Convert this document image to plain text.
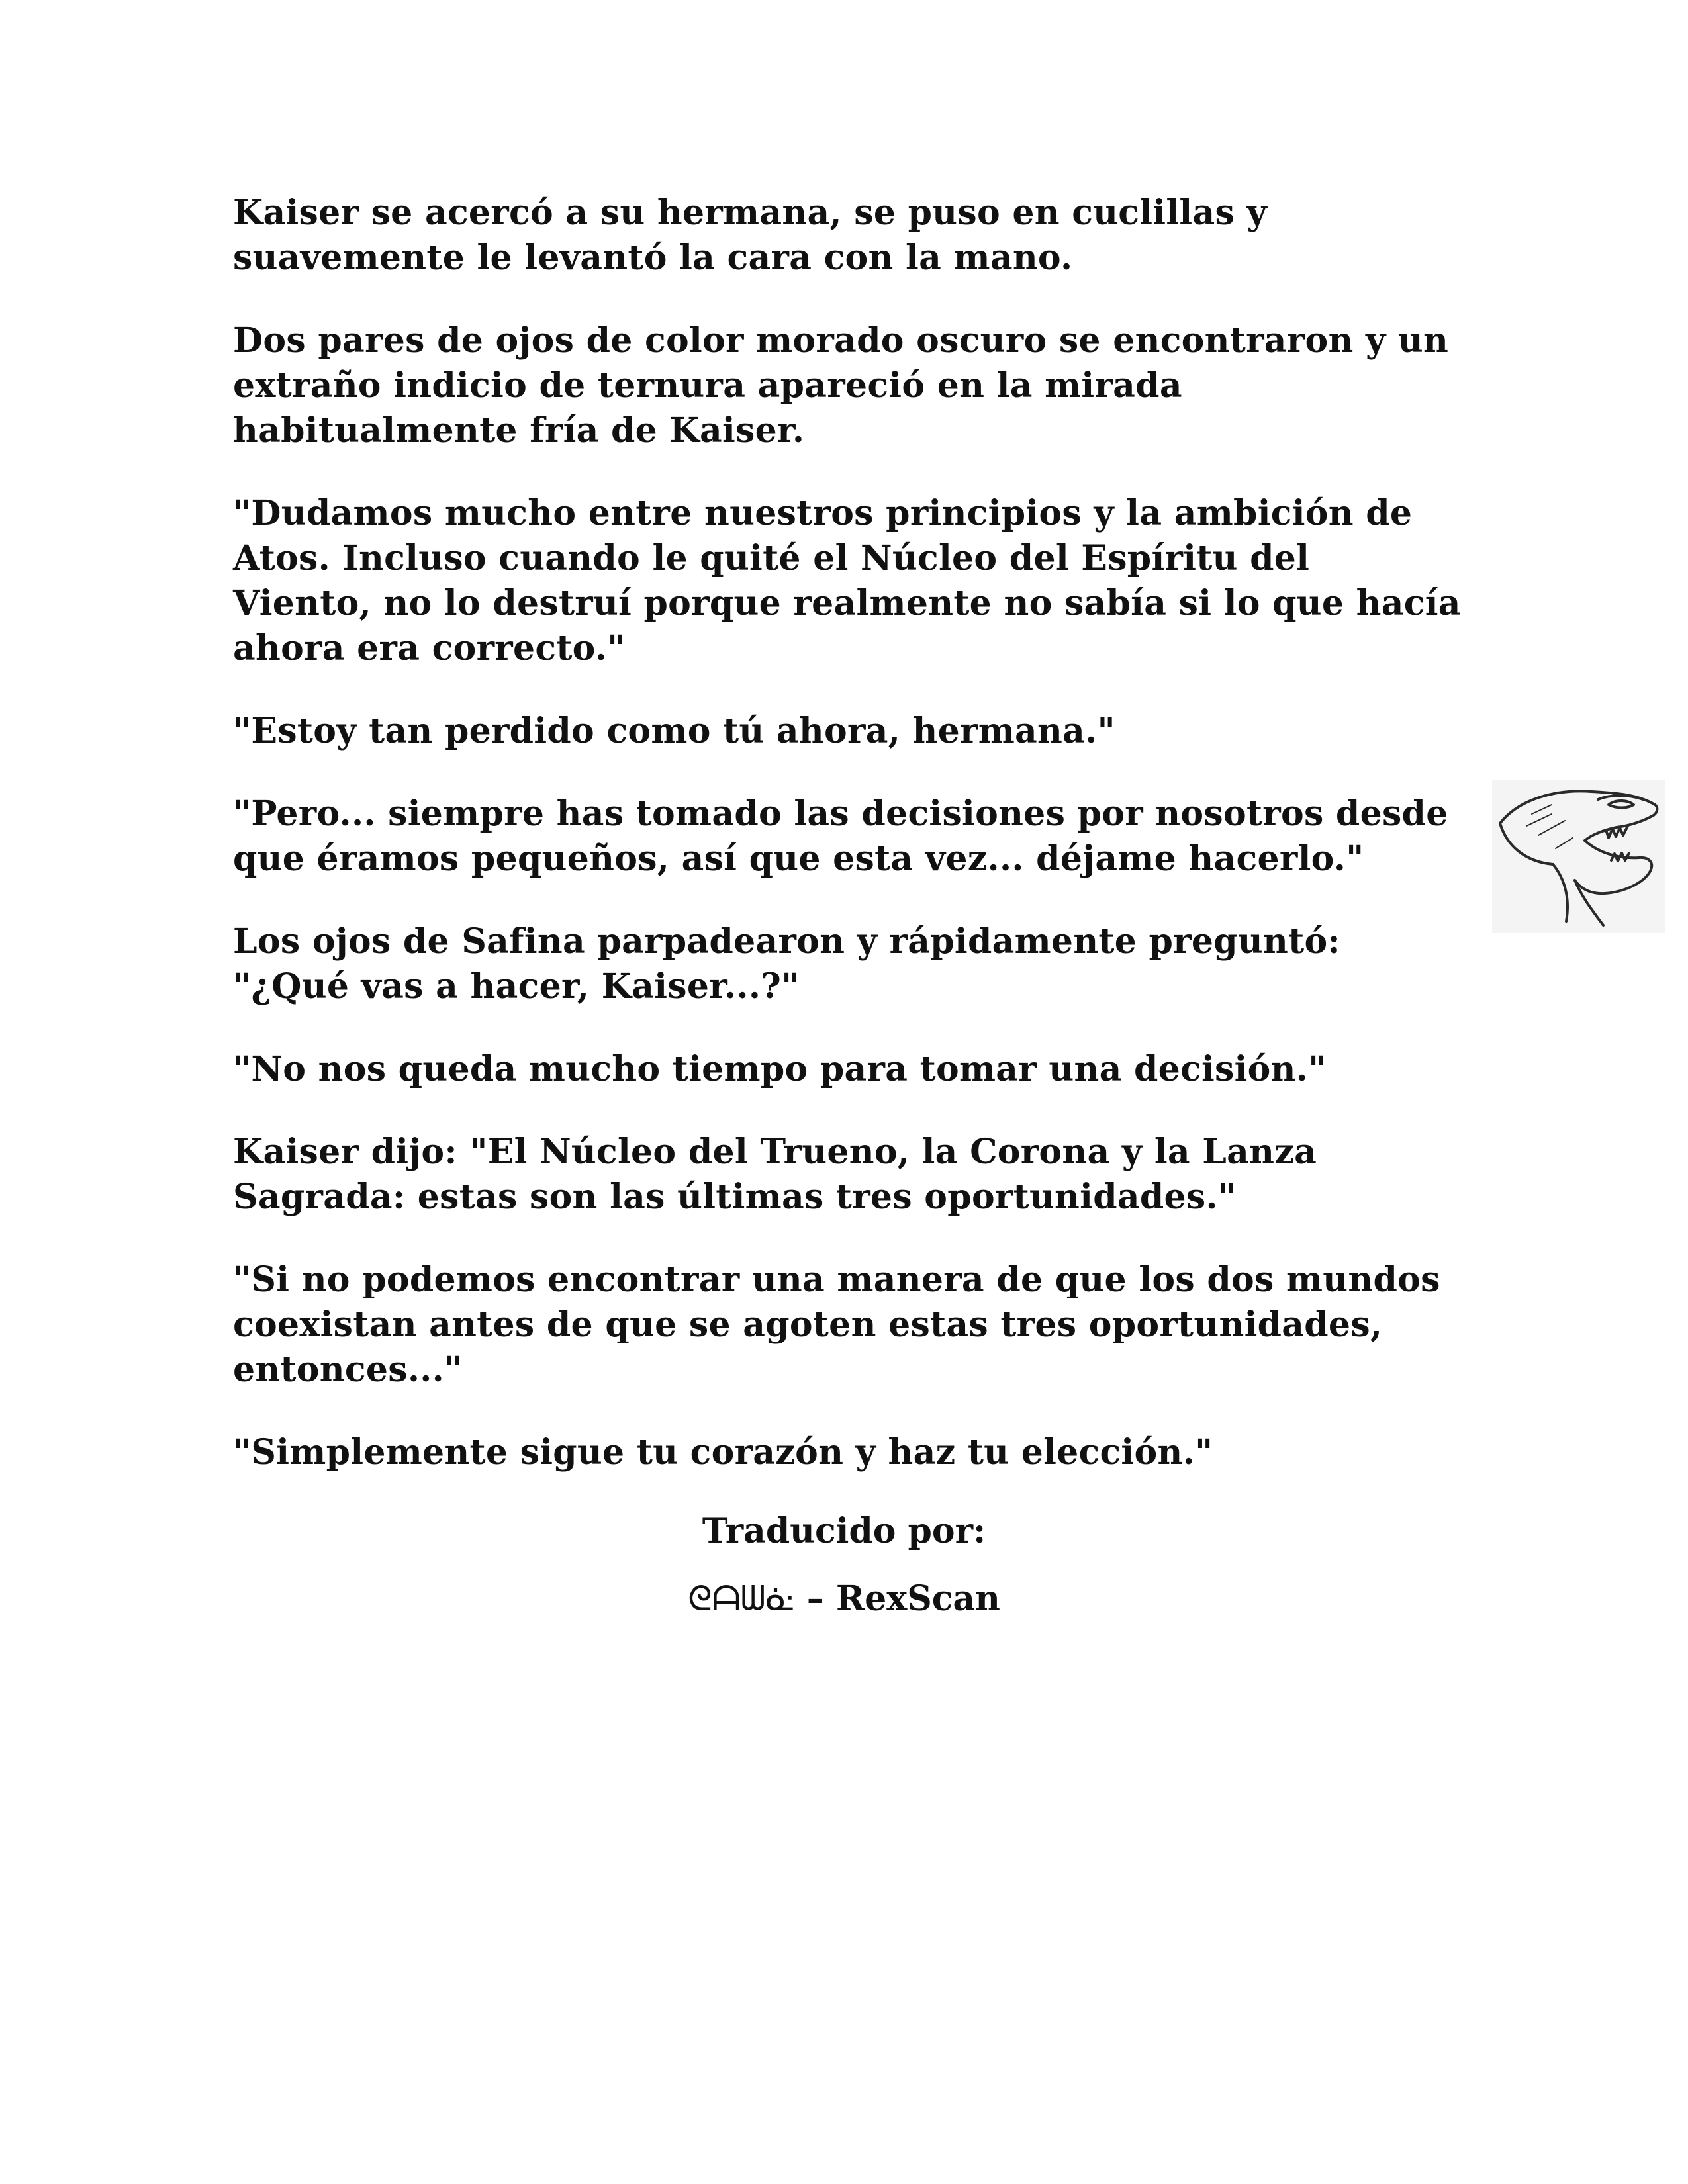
Kaiser se acercó a su hermana, se puso en cuclillas y
suavemente le levantó la cara con la mano.

Dos pares de ojos de color morado oscuro se encontraron y un
extraño indicio de ternura apareció en la mirada
habitualmente fría de Kaiser.

"Dudamos mucho entre nuestros principios y la ambición de
Atos. Incluso cuando le quité el Núcleo del Espíritu del
Viento, no lo destruí porque realmente no sabía si lo que hacía
ahora era correcto."

"Estoy tan perdido como tú ahora, hermana."

"Pero... siempre has tomado las decisiones por nosotros desde
que éramos pequeños, así que esta vez... déjame hacerlo."

Los ojos de Safina parpadearon y rápidamente preguntó:
"¿Qué vas a hacer, Kaiser...?"

"No nos queda mucho tiempo para tomar una decisión."

Kaiser dijo: "El Núcleo del Trueno, la Corona y la Lanza
Sagrada: estas son las últimas tres oportunidades."

"Si no podemos encontrar una manera de que los dos mundos
coexistan antes de que se agoten estas tres oportunidades,
entonces..."

"Simplemente sigue tu corazón y haz tu elección."

Traducido por:
ᘓᗩᗯᓎ – RexScan
